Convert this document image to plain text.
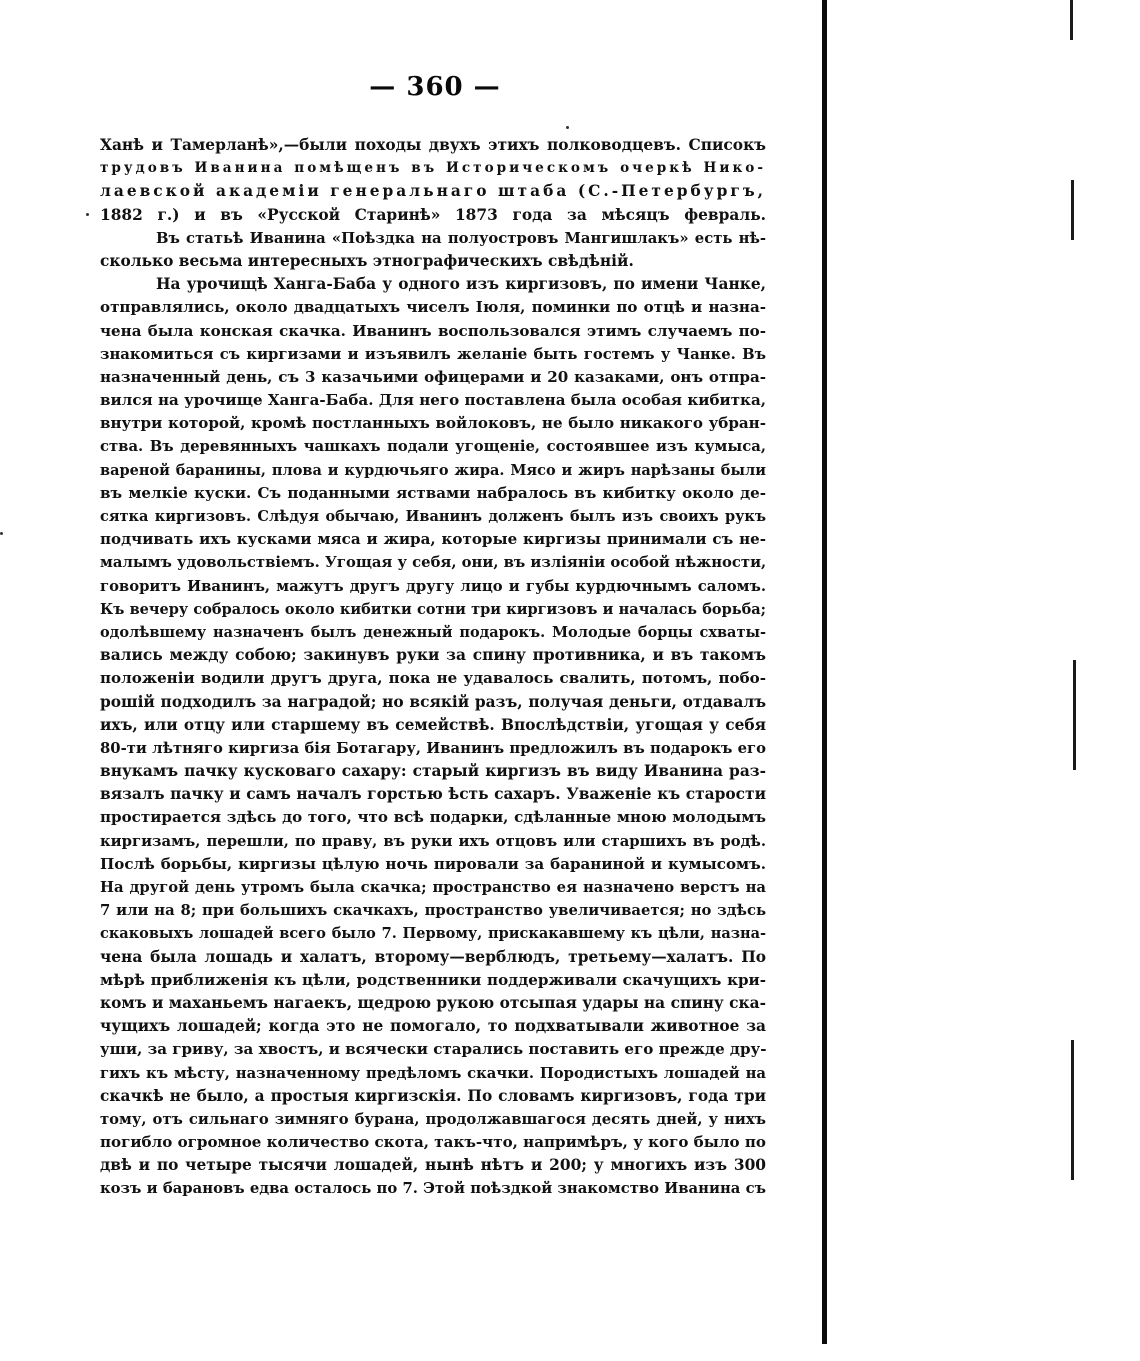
— 360 —
Ханѣ и Тамерланѣ»,—были походы двухъ этихъ полководцевъ. Списокъ
трудовъ Иванина помѣщенъ въ Историческомъ очеркѣ Нико-
лаевской академіи генеральнаго штаба (С.-Петербургъ,
1882 г.) и въ «Русской Старинѣ» 1873 года за мѣсяцъ февраль.
Въ статьѣ Иванина «Поѣздка на полуостровъ Мангишлакъ» есть нѣ-
сколько весьма интересныхъ этнографическихъ свѣдѣній.
На урочищѣ Ханга-Баба у одного изъ киргизовъ, по имени Чанке,
отправлялись, около двадцатыхъ чиселъ Іюля, поминки по отцѣ и назна-
чена была конская скачка. Иванинъ воспользовался этимъ случаемъ по-
знакомиться съ киргизами и изъявилъ желаніе быть гостемъ у Чанке. Въ
назначенный день, съ 3 казачьими офицерами и 20 казаками, онъ отпра-
вился на урочище Ханга-Баба. Для него поставлена была особая кибитка,
внутри которой, кромѣ постланныхъ войлоковъ, не было никакого убран-
ства. Въ деревянныхъ чашкахъ подали угощеніе, состоявшее изъ кумыса,
вареной баранины, плова и курдючьяго жира. Мясо и жиръ нарѣзаны были
въ мелкіе куски. Съ поданными яствами набралось въ кибитку около де-
сятка киргизовъ. Слѣдуя обычаю, Иванинъ долженъ былъ изъ своихъ рукъ
подчивать ихъ кусками мяса и жира, которые киргизы принимали съ не-
малымъ удовольствіемъ. Угощая у себя, они, въ изліяніи особой нѣжности,
говоритъ Иванинъ, мажутъ другъ другу лицо и губы курдючнымъ саломъ.
Къ вечеру собралось около кибитки сотни три киргизовъ и началась борьба;
одолѣвшему назначенъ былъ денежный подарокъ. Молодые борцы схваты-
вались между собою; закинувъ руки за спину противника, и въ такомъ
положеніи водили другъ друга, пока не удавалось свалить, потомъ, побо-
рошій подходилъ за наградой; но всякій разъ, получая деньги, отдавалъ
ихъ, или отцу или старшему въ семействѣ. Впослѣдствіи, угощая у себя
80-ти лѣтняго киргиза бія Ботагару, Иванинъ предложилъ въ подарокъ его
внукамъ пачку кусковаго сахару: старый киргизъ въ виду Иванина раз-
вязалъ пачку и самъ началъ горстью ѣсть сахаръ. Уваженіе къ старости
простирается здѣсь до того, что всѣ подарки, сдѣланные мною молодымъ
киргизамъ, перешли, по праву, въ руки ихъ отцовъ или старшихъ въ родѣ.
Послѣ борьбы, киргизы цѣлую ночь пировали за бараниной и кумысомъ.
На другой день утромъ была скачка; пространство ея назначено верстъ на
7 или на 8; при большихъ скачкахъ, пространство увеличивается; но здѣсь
скаковыхъ лошадей всего было 7. Первому, прискакавшему къ цѣли, назна-
чена была лошадь и халатъ, второму—верблюдъ, третьему—халатъ. По
мѣрѣ приближенія къ цѣли, родственники поддерживали скачущихъ кри-
комъ и маханьемъ нагаекъ, щедрою рукою отсыпая удары на спину ска-
чущихъ лошадей; когда это не помогало, то подхватывали животное за
уши, за гриву, за хвостъ, и всячески старались поставить его прежде дру-
гихъ къ мѣсту, назначенному предѣломъ скачки. Породистыхъ лошадей на
скачкѣ не было, а простыя киргизскія. По словамъ киргизовъ, года три
тому, отъ сильнаго зимняго бурана, продолжавшагося десять дней, у нихъ
погибло огромное количество скота, такъ-что, напримѣръ, у кого было по
двѣ и по четыре тысячи лошадей, нынѣ нѣтъ и 200; у многихъ изъ 300
козъ и барановъ едва осталось по 7. Этой поѣздкой знакомство Иванина съ
